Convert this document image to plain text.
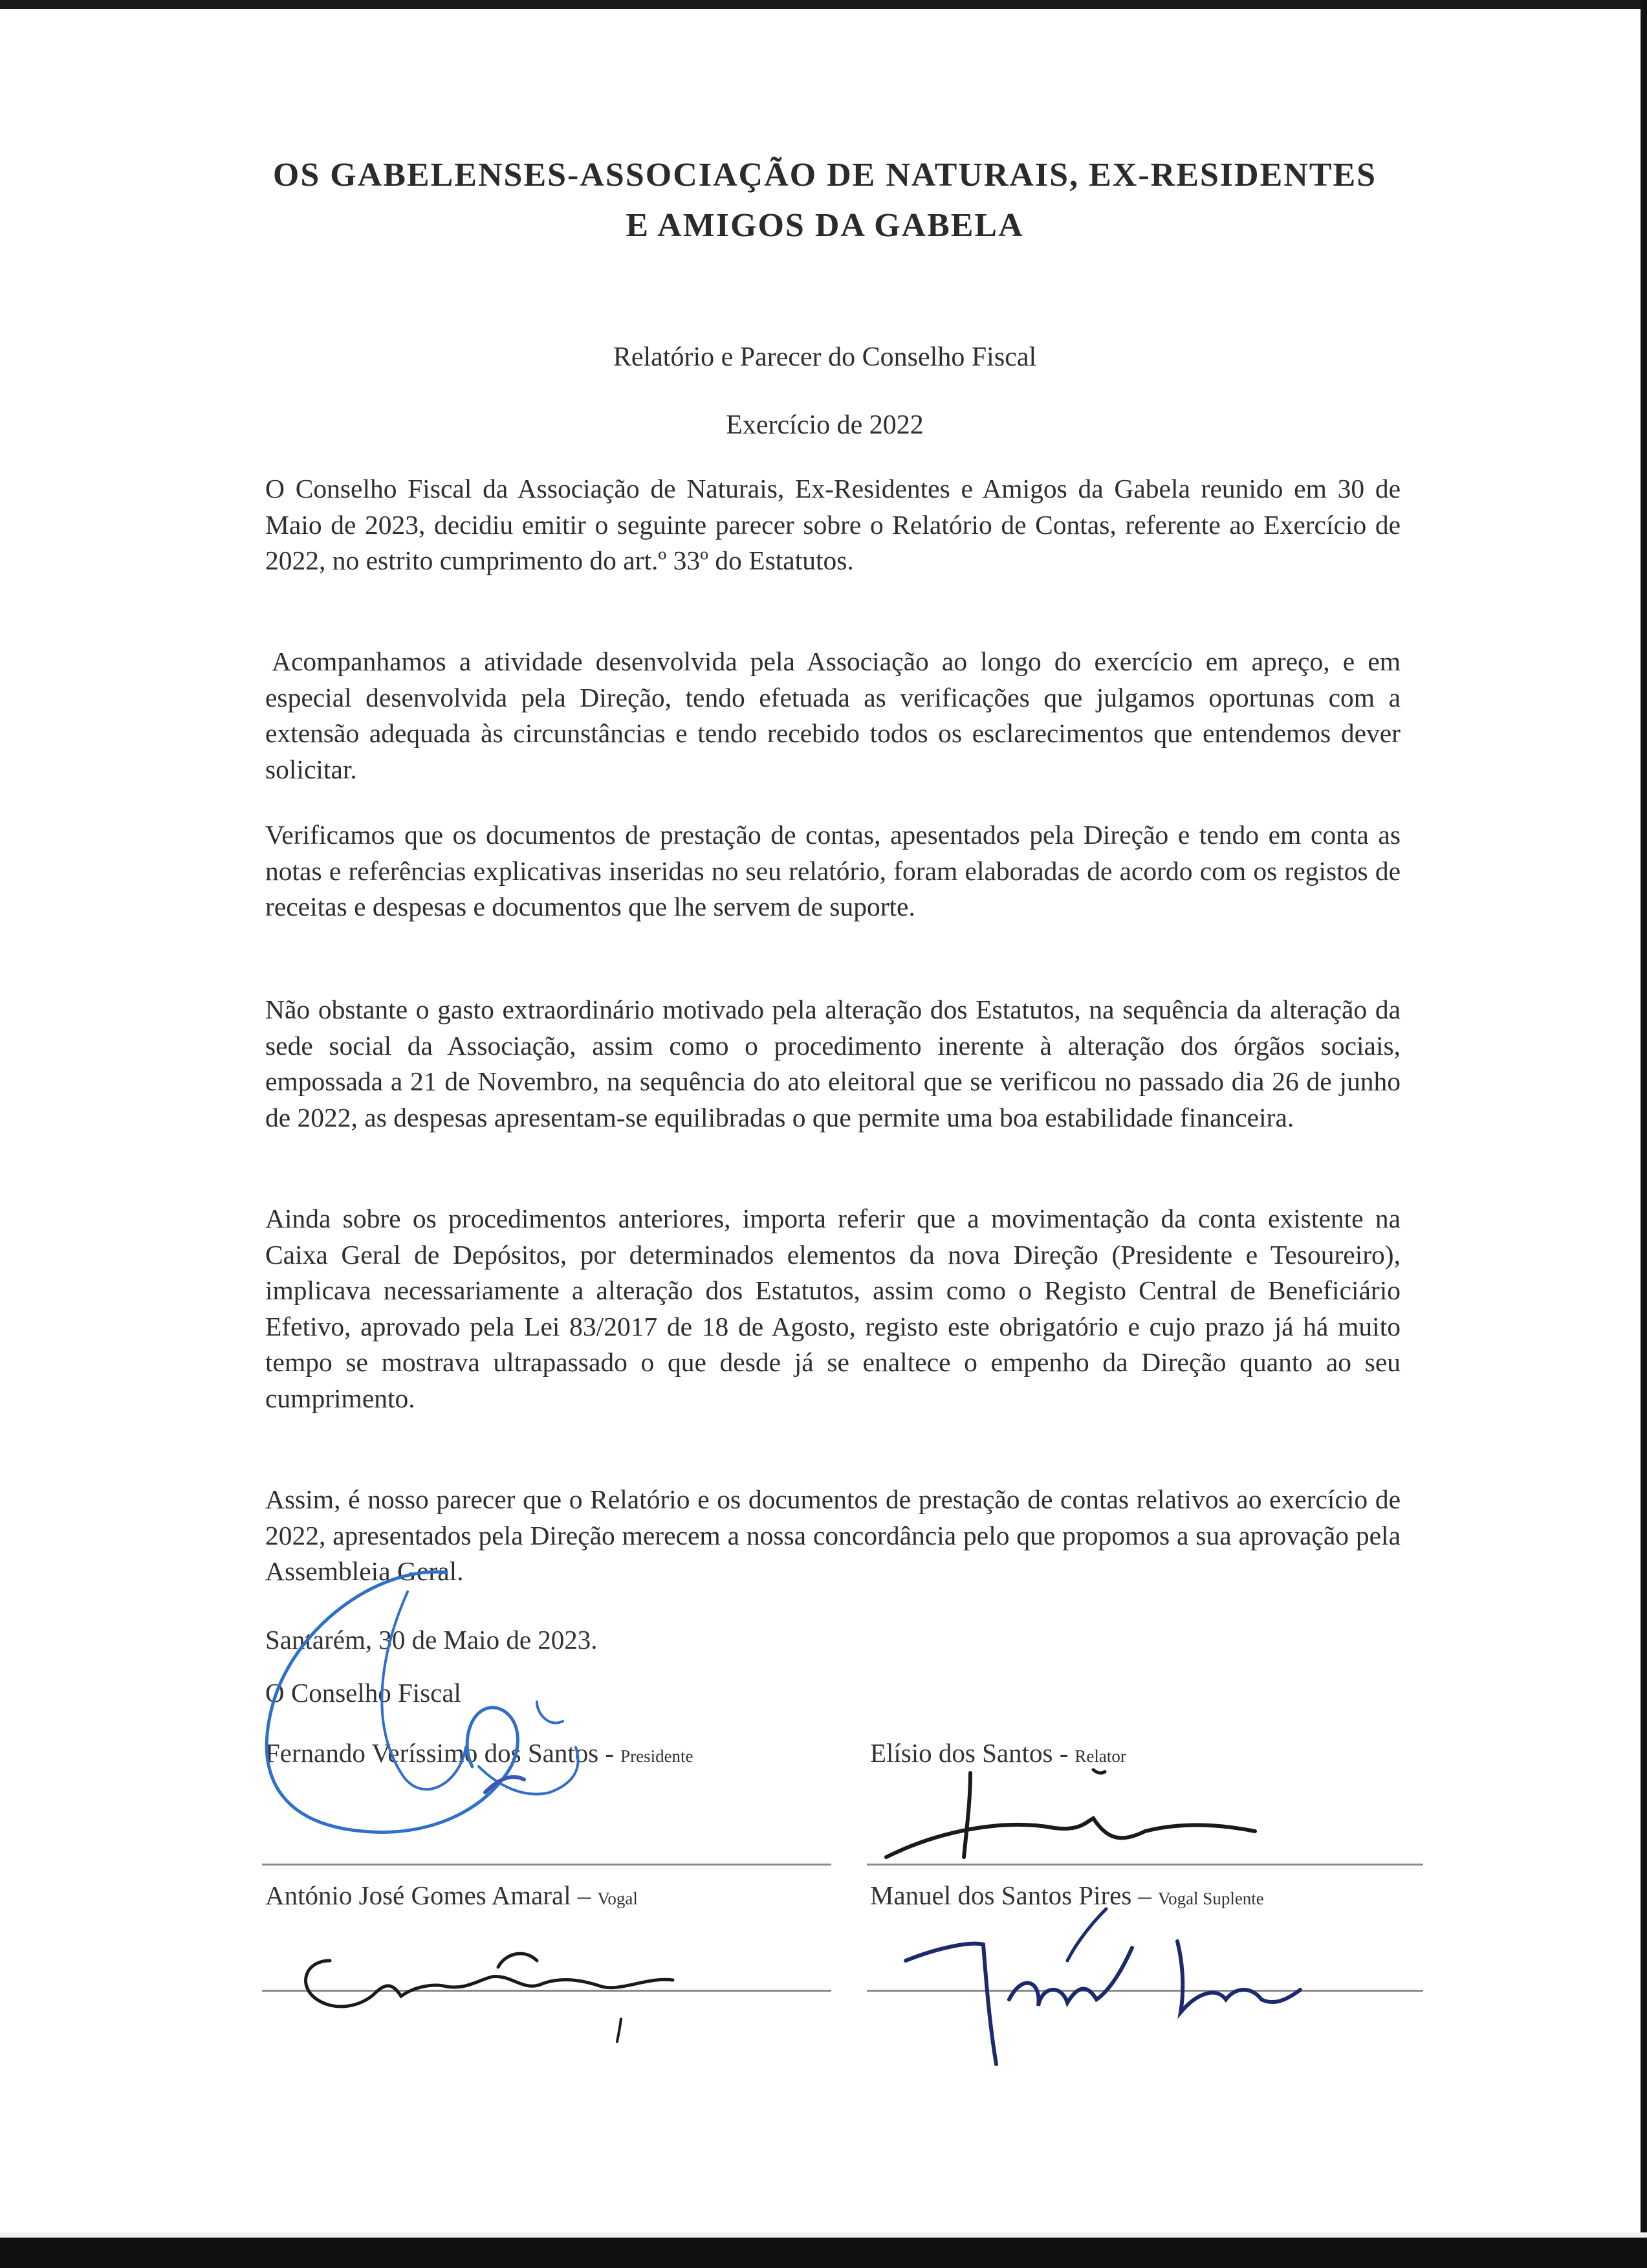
OS GABELENSES-ASSOCIAÇÃO DE NATURAIS, EX-RESIDENTES E AMIGOS DA GABELA

Relatório e Parecer do Conselho Fiscal

Exercício de 2022

O Conselho Fiscal da Associação de Naturais, Ex-Residentes e Amigos da Gabela reunido em 30 de Maio de 2023, decidiu emitir o seguinte parecer sobre o Relatório de Contas, referente ao Exercício de 2022, no estrito cumprimento do art.º 33º do Estatutos.

Acompanhamos a atividade desenvolvida pela Associação ao longo do exercício em apreço, e em especial desenvolvida pela Direção, tendo efetuada as verificações que julgamos oportunas com a extensão adequada às circunstâncias e tendo recebido todos os esclarecimentos que entendemos dever solicitar.

Verificamos que os documentos de prestação de contas, apesentados pela Direção e tendo em conta as notas e referências explicativas inseridas no seu relatório, foram elaboradas de acordo com os registos de receitas e despesas e documentos que lhe servem de suporte.

Não obstante o gasto extraordinário motivado pela alteração dos Estatutos, na sequência da alteração da sede social da Associação, assim como o procedimento inerente à alteração dos órgãos sociais, empossada a 21 de Novembro, na sequência do ato eleitoral que se verificou no passado dia 26 de junho de 2022, as despesas apresentam-se equilibradas o que permite uma boa estabilidade financeira.

Ainda sobre os procedimentos anteriores, importa referir que a movimentação da conta existente na Caixa Geral de Depósitos, por determinados elementos da nova Direção (Presidente e Tesoureiro), implicava necessariamente a alteração dos Estatutos, assim como o Registo Central de Beneficiário Efetivo, aprovado pela Lei 83/2017 de 18 de Agosto, registo este obrigatório e cujo prazo já há muito tempo se mostrava ultrapassado o que desde já se enaltece o empenho da Direção quanto ao seu cumprimento.

Assim, é nosso parecer que o Relatório e os documentos de prestação de contas relativos ao exercício de 2022, apresentados pela Direção merecem a nossa concordância pelo que propomos a sua aprovação pela Assembleia Geral.

Santarém, 30 de Maio de 2023.

O Conselho Fiscal

Fernando Veríssimo dos Santos - Presidente	Elísio dos Santos - Relator

António José Gomes Amaral – Vogal	Manuel dos Santos Pires – Vogal Suplente
